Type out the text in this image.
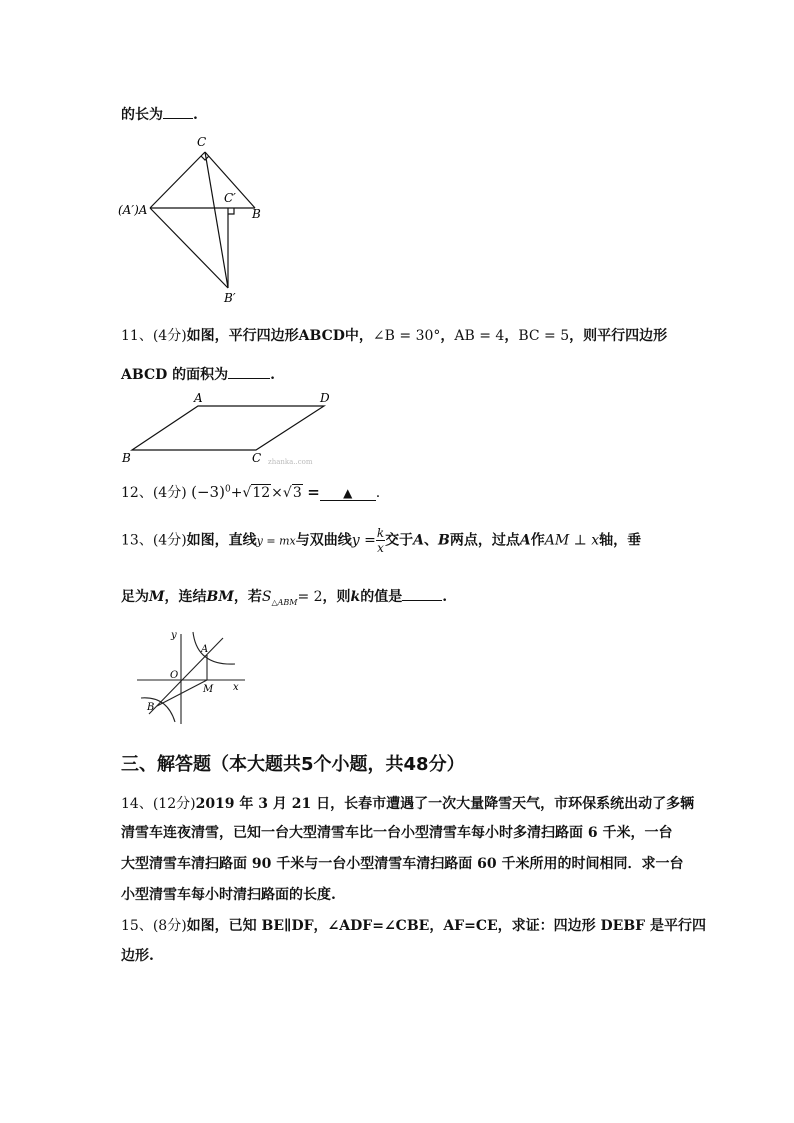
的长为 .
C
(A′)A
C′
B
B′
11、(4分)如图，平行四边形ABCD中，∠B = 30°，AB = 4，BC = 5，则平行四边形
ABCD 的面积为	.
A	D
B	C zhanka..com
12、(4分) $(-3)^0+√12\times√3$ = ▲ .
13、(4分)如图，直线y = mx与双曲线$y = \frac{k}{x}$ 交于A、B两点，过点A作AM ⊥ x轴，垂
足为M，连结BM，若$S_{\triangle ABM}= 2$，则k的值是	.
y
A
O
M x
B
三、解答题（本大题共5个小题，共48分）
14、(12分)2019 年 3 月 21 日，长春市遭遇了一次大量降雪天气，市环保系统出动了多辆
清雪车连夜清雪，已知一台大型清雪车比一台小型清雪车每小时多清扫路面 6 千米，一台
大型清雪车清扫路面 90 千米与一台小型清雪车清扫路面 60 千米所用的时间相同．求一台
小型清雪车每小时清扫路面的长度.
15、(8分)如图，已知 BE∥DF，∠ADF=∠CBE，AF=CE，求证：四边形 DEBF 是平行四
边形.
